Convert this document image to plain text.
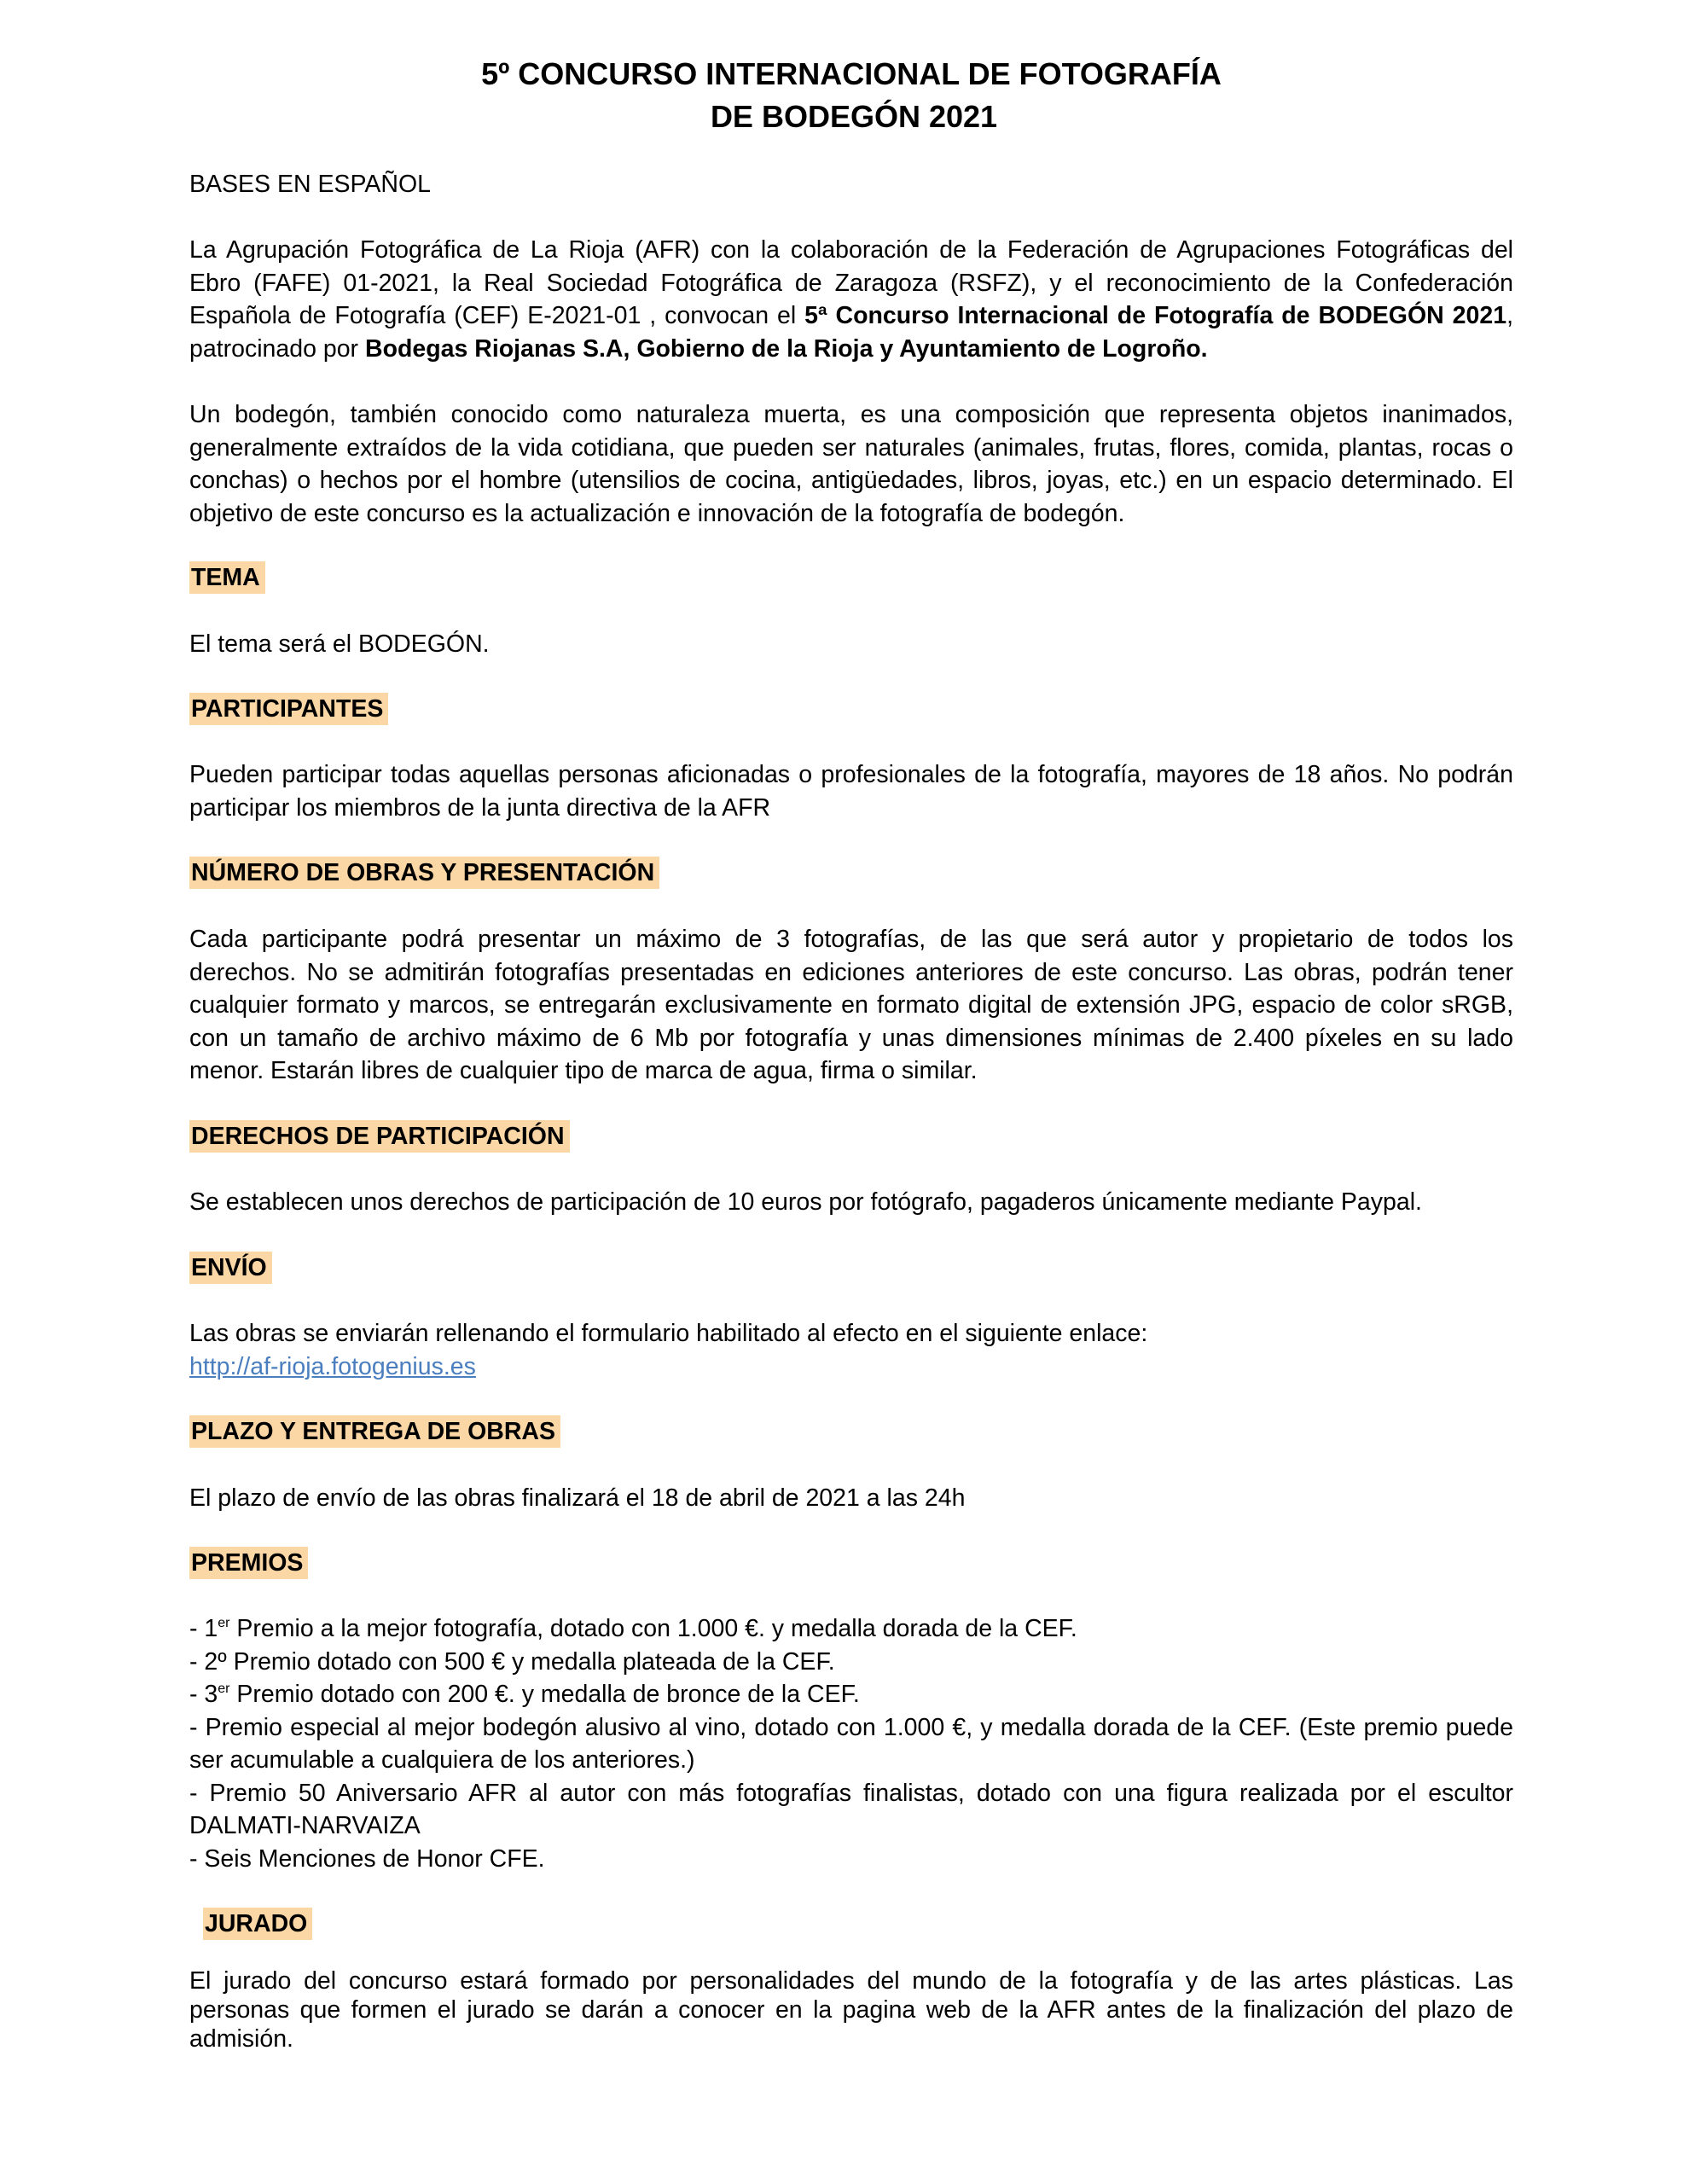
5º CONCURSO INTERNACIONAL DE FOTOGRAFÍA

DE BODEGÓN 2021

BASES EN ESPAÑOL

La Agrupación Fotográfica de La Rioja (AFR) con la colaboración de la Federación de Agrupaciones Fotográficas del
Ebro (FAFE) 01-2021, la Real Sociedad Fotográfica de Zaragoza (RSFZ), y el reconocimiento de la Confederación
Española de Fotografía (CEF) E-2021-01 , convocan el 5ª Concurso Internacional de Fotografía de BODEGÓN 2021,
patrocinado por Bodegas Riojanas S.A, Gobierno de la Rioja y Ayuntamiento de Logroño.

Un bodegón, también conocido como naturaleza muerta, es una composición que representa objetos inanimados,
generalmente extraídos de la vida cotidiana, que pueden ser naturales (animales, frutas, flores, comida, plantas, rocas o
conchas) o hechos por el hombre (utensilios de cocina, antigüedades, libros, joyas, etc.) en un espacio determinado. El
objetivo de este concurso es la actualización e innovación de la fotografía de bodegón.

TEMA

El tema será el BODEGÓN.

PARTICIPANTES

Pueden participar todas aquellas personas aficionadas o profesionales de la fotografía, mayores de 18 años. No podrán
participar los miembros de la junta directiva de la AFR

NÚMERO DE OBRAS Y PRESENTACIÓN

Cada participante podrá presentar un máximo de 3 fotografías, de las que será autor y propietario de todos los
derechos. No se admitirán fotografías presentadas en ediciones anteriores de este concurso. Las obras, podrán tener
cualquier formato y marcos, se entregarán exclusivamente en formato digital de extensión JPG, espacio de color sRGB,
con un tamaño de archivo máximo de 6 Mb por fotografía y unas dimensiones mínimas de 2.400 píxeles en su lado
menor. Estarán libres de cualquier tipo de marca de agua, firma o similar.

DERECHOS DE PARTICIPACIÓN

Se establecen unos derechos de participación de 10 euros por fotógrafo, pagaderos únicamente mediante Paypal.

ENVÍO

Las obras se enviarán rellenando el formulario habilitado al efecto en el siguiente enlace:
http://af-rioja.fotogenius.es

PLAZO Y ENTREGA DE OBRAS

El plazo de envío de las obras finalizará el 18 de abril de 2021 a las 24h

PREMIOS
- 1er Premio a la mejor fotografía, dotado con 1.000 €. y medalla dorada de la CEF.
- 2º Premio dotado con 500 € y medalla plateada de la CEF.
- 3er Premio dotado con 200 €. y medalla de bronce de la CEF.
- Premio especial al mejor bodegón alusivo al vino, dotado con 1.000 €, y medalla dorada de la CEF. (Este premio puede
ser acumulable a cualquiera de los anteriores.)
- Premio 50 Aniversario AFR al autor con más fotografías finalistas, dotado con una figura realizada por el escultor
DALMATI-NARVAIZA
- Seis Menciones de Honor CFE.
JURADO

El jurado del concurso estará formado por personalidades del mundo de la fotografía y de las artes plásticas. Las
personas que formen el jurado se darán a conocer en la pagina web de la AFR antes de la finalización del plazo de
admisión.
